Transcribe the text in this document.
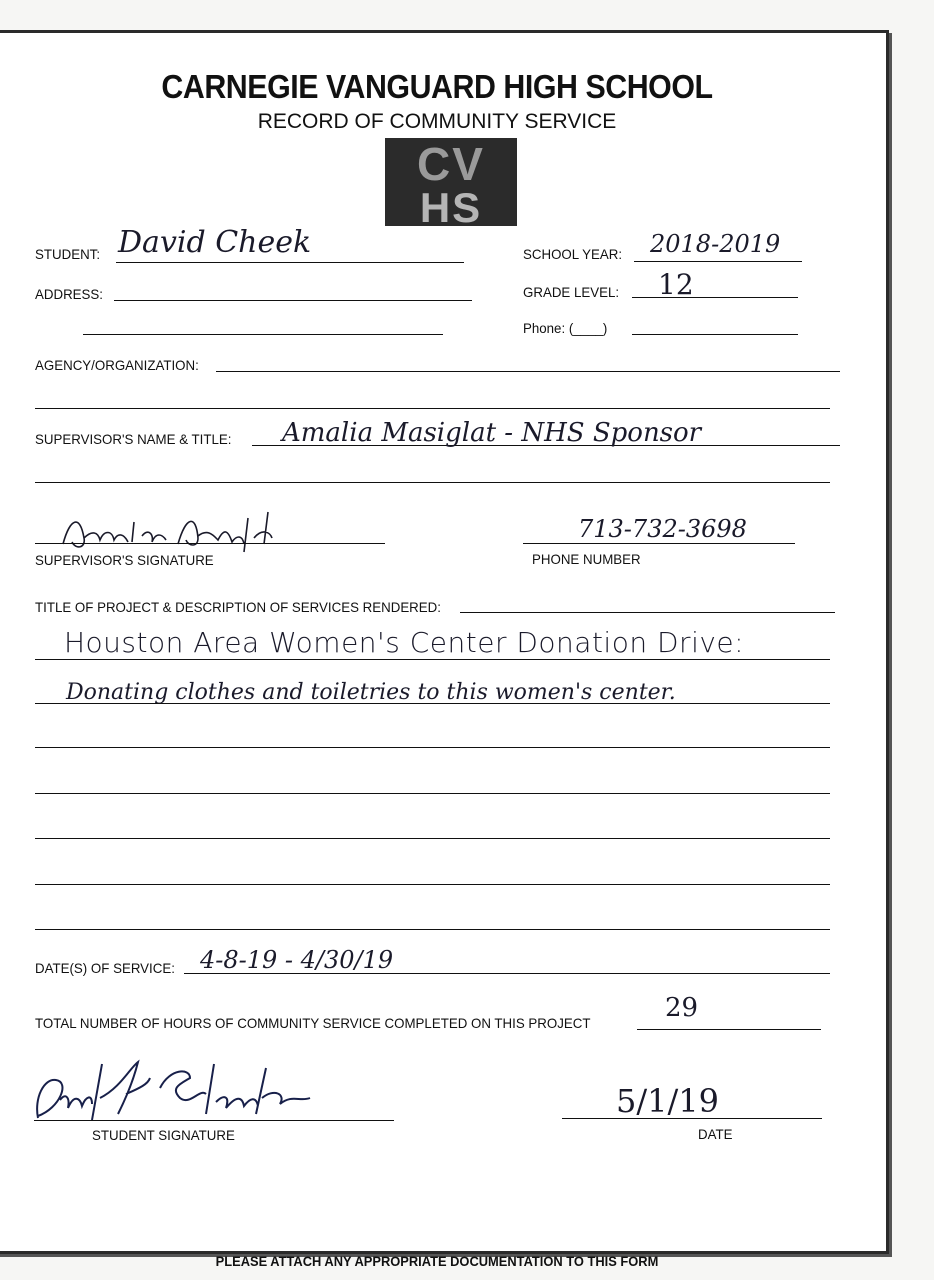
CARNEGIE VANGUARD HIGH SCHOOL
RECORD OF COMMUNITY SERVICE
CV
HS
STUDENT: David Cheek	SCHOOL YEAR: 2018-2019
ADDRESS:	GRADE LEVEL: 12
Phone: (____)
AGENCY/ORGANIZATION:
SUPERVISOR'S NAME & TITLE: Amalia Masiglat - NHS Sponsor
SUPERVISOR'S SIGNATURE
713-732-3698
PHONE NUMBER
TITLE OF PROJECT & DESCRIPTION OF SERVICES RENDERED:
Houston Area Women's Center Donation Drive:
Donating clothes and toiletries to this women's center.
DATE(S) OF SERVICE: 4-8-19 - 4/30/19
TOTAL NUMBER OF HOURS OF COMMUNITY SERVICE COMPLETED ON THIS PROJECT	29
STUDENT SIGNATURE
5/1/19
DATE
PLEASE ATTACH ANY APPROPRIATE DOCUMENTATION TO THIS FORM
